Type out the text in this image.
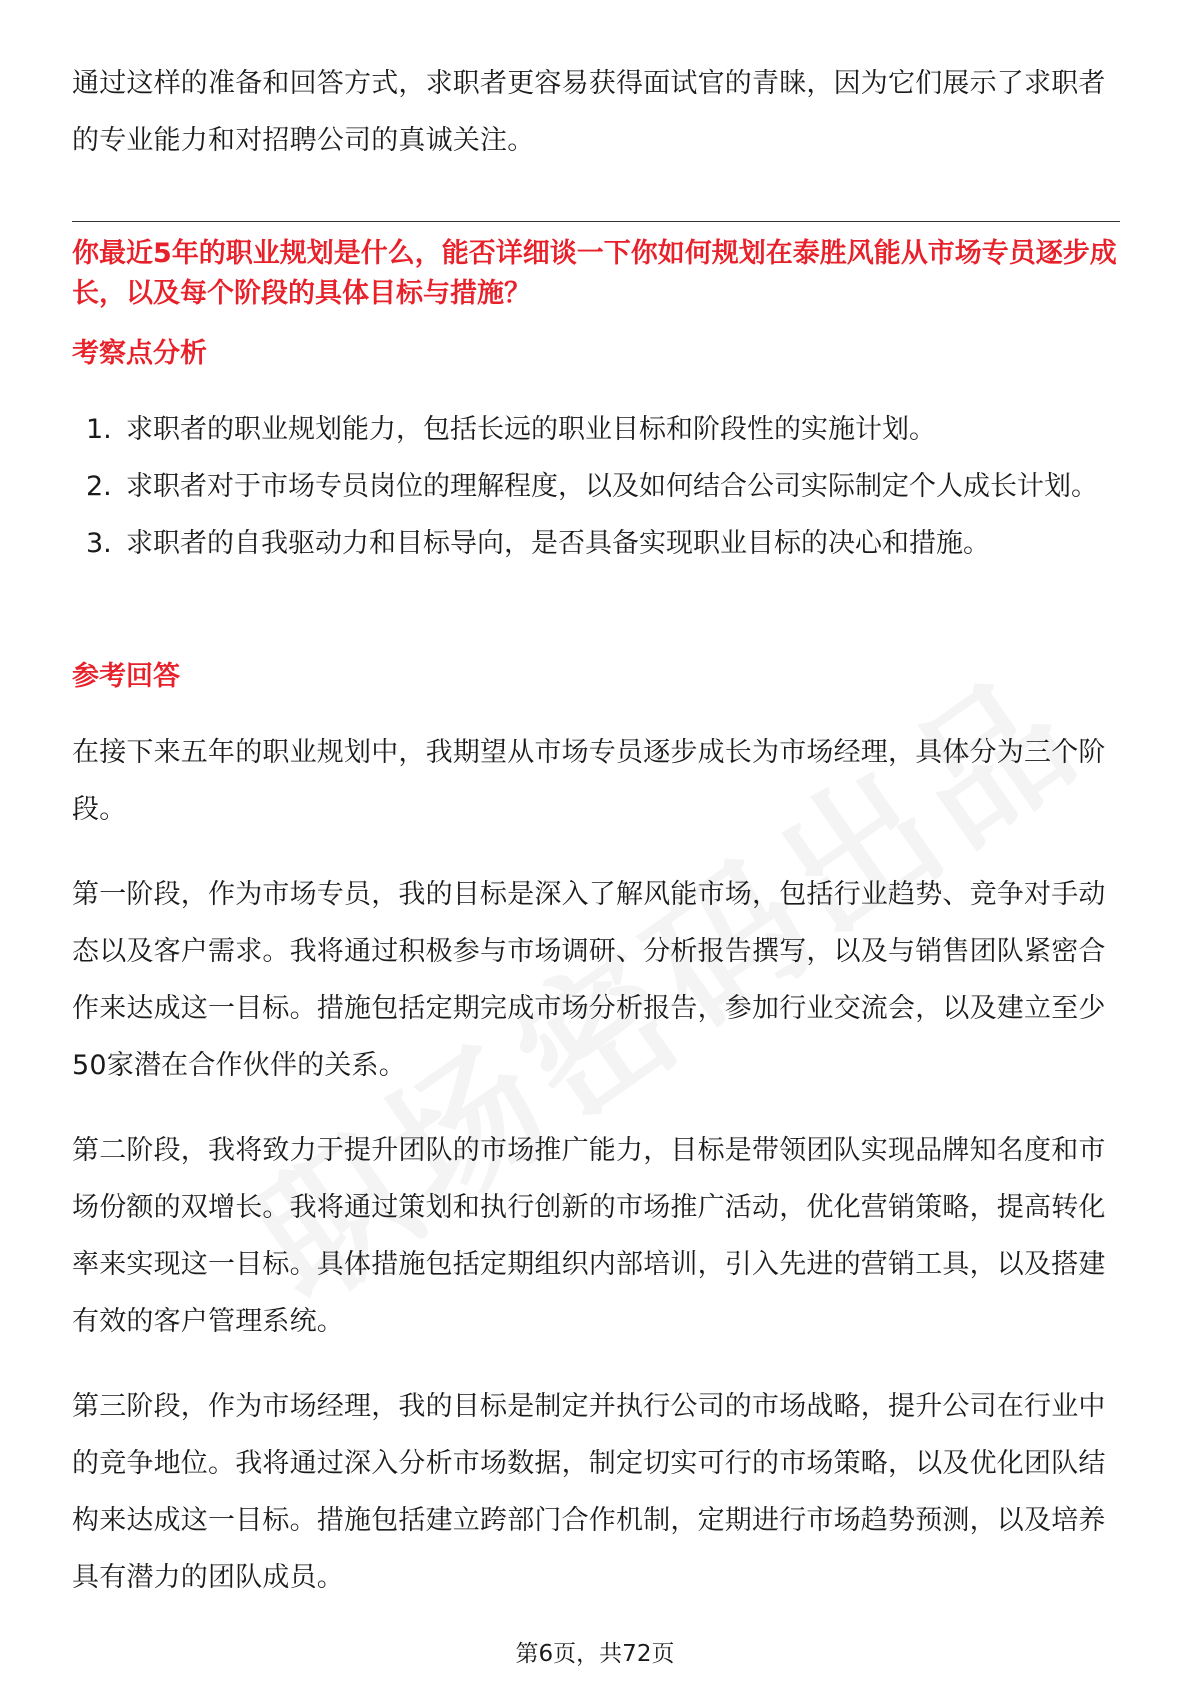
通过这样的准备和回答方式，求职者更容易获得面试官的青睐，因为它们展示了求职者的专业能力和对招聘公司的真诚关注。

你最近5年的职业规划是什么，能否详细谈一下你如何规划在泰胜风能从市场专员逐步成长，以及每个阶段的具体目标与措施？

考察点分析

1. 求职者的职业规划能力，包括长远的职业目标和阶段性的实施计划。
2. 求职者对于市场专员岗位的理解程度，以及如何结合公司实际制定个人成长计划。
3. 求职者的自我驱动力和目标导向，是否具备实现职业目标的决心和措施。

参考回答

在接下来五年的职业规划中，我期望从市场专员逐步成长为市场经理，具体分为三个阶段。

第一阶段，作为市场专员，我的目标是深入了解风能市场，包括行业趋势、竞争对手动态以及客户需求。我将通过积极参与市场调研、分析报告撰写，以及与销售团队紧密合作来达成这一目标。措施包括定期完成市场分析报告，参加行业交流会，以及建立至少50家潜在合作伙伴的关系。

第二阶段，我将致力于提升团队的市场推广能力，目标是带领团队实现品牌知名度和市场份额的双增长。我将通过策划和执行创新的市场推广活动，优化营销策略，提高转化率来实现这一目标。具体措施包括定期组织内部培训，引入先进的营销工具，以及搭建有效的客户管理系统。

第三阶段，作为市场经理，我的目标是制定并执行公司的市场战略，提升公司在行业中的竞争地位。我将通过深入分析市场数据，制定切实可行的市场策略，以及优化团队结构来达成这一目标。措施包括建立跨部门合作机制，定期进行市场趋势预测，以及培养具有潜力的团队成员。

第6页，共72页
